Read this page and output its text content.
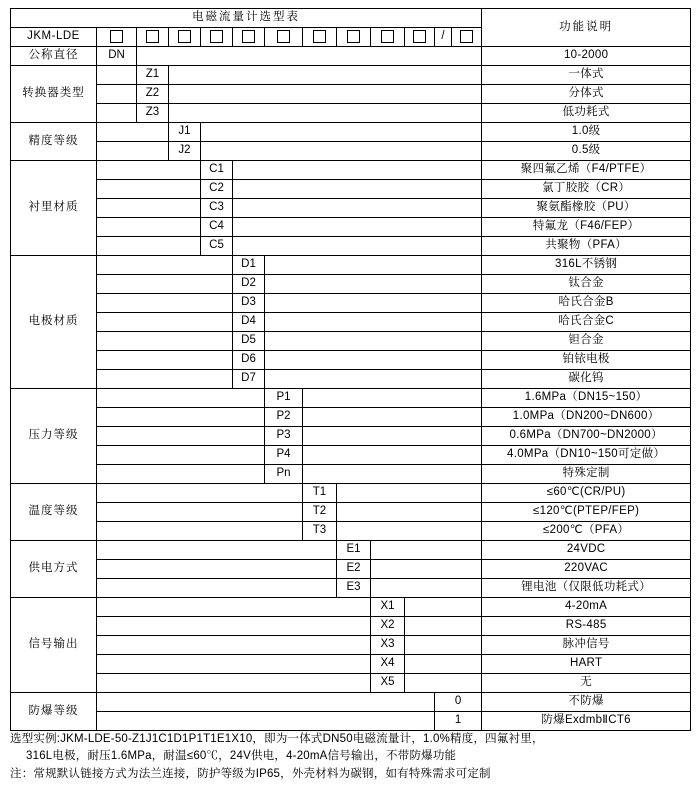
电磁流量计选型表													功能说明
JKM-LDE											/		
公称直径	DN												10-2000
转换器类型		Z1											一体式
		Z2											分体式
		Z3											低功耗式
精度等级			J1										1.0级
			J2										0.5级
衬里材质				C1									聚四氟乙烯（F4/PTFE）
				C2									氯丁胶胶（CR）
				C3									聚氨酯橡胶（PU）
				C4									特氟龙（F46/FEP）
				C5									共聚物（PFA）
电极材质					D1								316L不锈钢
					D2								钛合金
					D3								哈氏合金B
					D4								哈氏合金C
					D5								钽合金
					D6								铂铱电极
					D7								碳化钨
压力等级						P1							1.6MPa（DN15~150）
						P2							1.0MPa（DN200~DN600）
						P3							0.6MPa（DN700~DN2000）
						P4							4.0MPa（DN10~150可定做）
						Pn							特殊定制
温度等级							T1						≤60℃(CR/PU)
							T2						≤120℃(PTEP/FEP)
							T3						≤200℃（PFA）
供电方式								E1					24VDC
								E2					220VAC
								E3					锂电池（仅限低功耗式）
信号输出									X1				4-20mA
									X2				RS-485
									X3				脉冲信号
									X4				HART
									X5				无
防爆等级											0		不防爆
											1		防爆ExdmbⅡCT6
选型实例:JKM-LDE-50-Z1J1C1D1P1T1E1X10，即为一体式DN50电磁流量计，1.0%精度，四氟衬里，
316L电极，耐压1.6MPa，耐温≤60℃，24V供电，4-20mA信号输出，不带防爆功能
注：常规默认链接方式为法兰连接，防护等级为IP65，外壳材料为碳钢，如有特殊需求可定制
